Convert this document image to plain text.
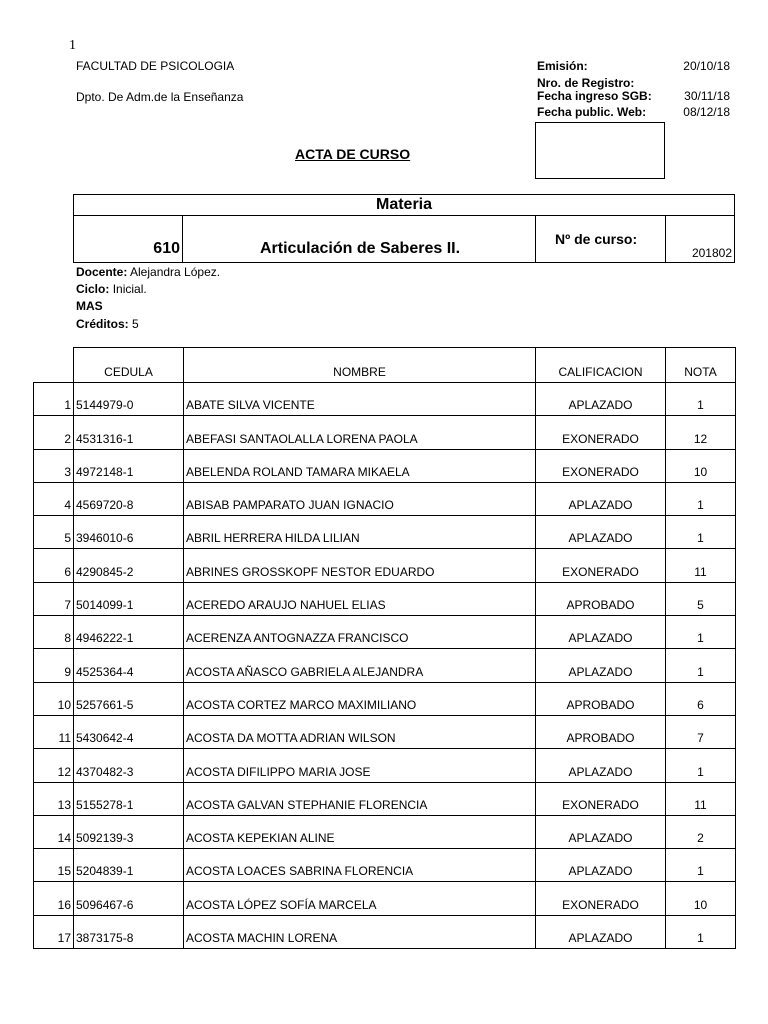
1
FACULTAD DE PSICOLOGIA
Dpto. De Adm.de la Enseñanza
Emisión:	20/10/18
Nro. de Registro:
Fecha ingreso SGB:	30/11/18
Fecha public. Web:	08/12/18
ACTA DE CURSO
Materia
610	Articulación de Saberes II.
Nº de curso:
201802
Docente: Alejandra López.
Ciclo: Inicial.
MAS
Créditos: 5
	CEDULA	NOMBRE	CALIFICACION	NOTA
1	5144979-0	ABATE SILVA VICENTE	APLAZADO	1
2	4531316-1	ABEFASI SANTAOLALLA LORENA PAOLA	EXONERADO	12
3	4972148-1	ABELENDA ROLAND TAMARA MIKAELA	EXONERADO	10
4	4569720-8	ABISAB PAMPARATO JUAN IGNACIO	APLAZADO	1
5	3946010-6	ABRIL HERRERA HILDA LILIAN	APLAZADO	1
6	4290845-2	ABRINES GROSSKOPF NESTOR EDUARDO	EXONERADO	11
7	5014099-1	ACEREDO ARAUJO NAHUEL ELIAS	APROBADO	5
8	4946222-1	ACERENZA ANTOGNAZZA FRANCISCO	APLAZADO	1
9	4525364-4	ACOSTA AÑASCO GABRIELA ALEJANDRA	APLAZADO	1
10	5257661-5	ACOSTA CORTEZ MARCO MAXIMILIANO	APROBADO	6
11	5430642-4	ACOSTA DA MOTTA ADRIAN WILSON	APROBADO	7
12	4370482-3	ACOSTA DIFILIPPO MARIA JOSE	APLAZADO	1
13	5155278-1	ACOSTA GALVAN STEPHANIE FLORENCIA	EXONERADO	11
14	5092139-3	ACOSTA KEPEKIAN ALINE	APLAZADO	2
15	5204839-1	ACOSTA LOACES SABRINA FLORENCIA	APLAZADO	1
16	5096467-6	ACOSTA LÓPEZ SOFÍA MARCELA	EXONERADO	10
17	3873175-8	ACOSTA MACHIN LORENA	APLAZADO	1
